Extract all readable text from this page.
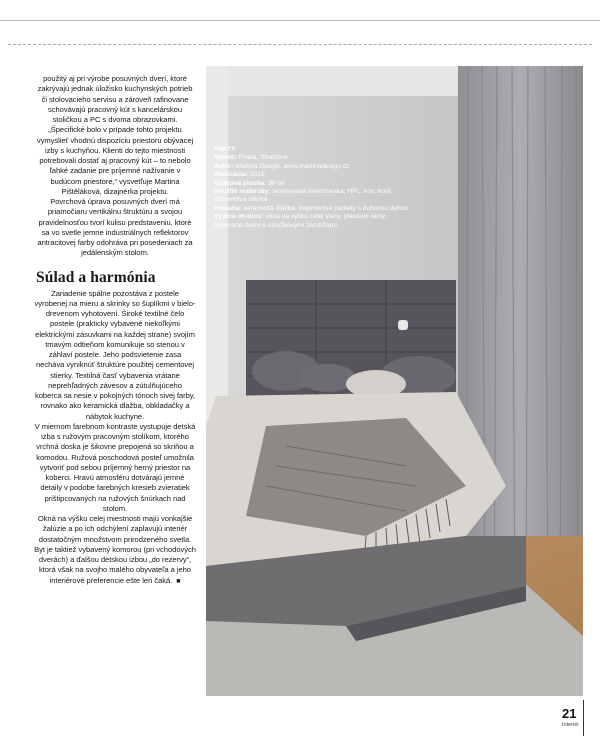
použitý aj pri výrobe posuvných dverí, ktoré zakrývajú jednak úložisko kuchynských potrieb či stolovacieho servisu a zároveň rafinovane schovávajú pracovný kút s kancelárskou stoličkou a PC s dvoma obrazovkami.

„Špecifické bolo v prípade tohto projektu vymyslieť vhodnú dispozíciu priestoru obývacej izby s kuchyňou. Klienti do tejto miestnosti potrebovali dostať aj pracovný kút – to nebolo ľahké zadanie pre príjemné nažívanie v budúcom priestore,“ vysvetľuje Martina Pištěláková, dizajnérka projektu.

Povrchová úprava posuvných dverí má priamočiaru vertikálnu štruktúru a svojou pravidelnosťou tvorí kulisu predstaveniu, ktoré sa vo svetle jemne industriálnych reflektorov antracitovej farby odohráva pri posedeniach za jedálenským stolom.

Súlad a harmónia

Zariadenie spálne pozostáva z postele vyrobenej na mieru a skrinky so šuplíkmi v bielo-drevenom vyhotovení. Široké textilné čelo postele (prakticky vybavené niekoľkými elektrickými zásuvkami na každej strane) svojím tmavým odtieňom komunikuje so stenou v záhlaví postele. Jeho podsvietenie zasa necháva vyniknúť štruktúre použitej cementovej stierky. Textilná časť vybavenia vrátane neprehľadných závesov a zútulňujúceho koberca sa nesie v pokojných tónoch sivej farby, rovnako ako keramická dlažba, obkladačky a nábytok kuchyne.

V miernom farebnom kontraste vystupuje detská izba s ružovým pracovným stolíkom, ktorého vrchná doska je šikovne prepojená so skriňou a komodou. Ružová poschodová posteľ umožnila vytvoriť pod sebou príjemný herný priestor na koberci. Hravú atmosféru dotvárajú jemné detaily v podobe farebných kresieb zvieratiek prištipcovaných na ružových šnúrkach nad stolom.

Okná na výšku celej miestnosti majú vonkajšie žalúzie a po ich odchýlení zaplavujú interiér dostatočným množstvom prirodzeného svetla. Byt je taktiež vybavený komorou (pri vchodových dverách) a ďalšou detskou izbou „do rezervy“, ktorá však na svojho malého obyvateľa a jeho interiérové preferencie ešte len čaká. ■

FAKTY
Miesto: Praha, Strašnice
Autor: Martina Design, www.martinadesign.cz
Realizácia: 2018
Úžitková plocha: 99 m²
Použité materiály: laminovaná drevotrieska, HPL, kov, textil, cementová stierka
Podlaha: keramická dlažba, trojvrstvové parkety s dubovou dyhou
Výplne otvorov: okná na výšku celej steny, plastové rámy, dyhované dvere s obložkovými zárubňami
21
Interiér
